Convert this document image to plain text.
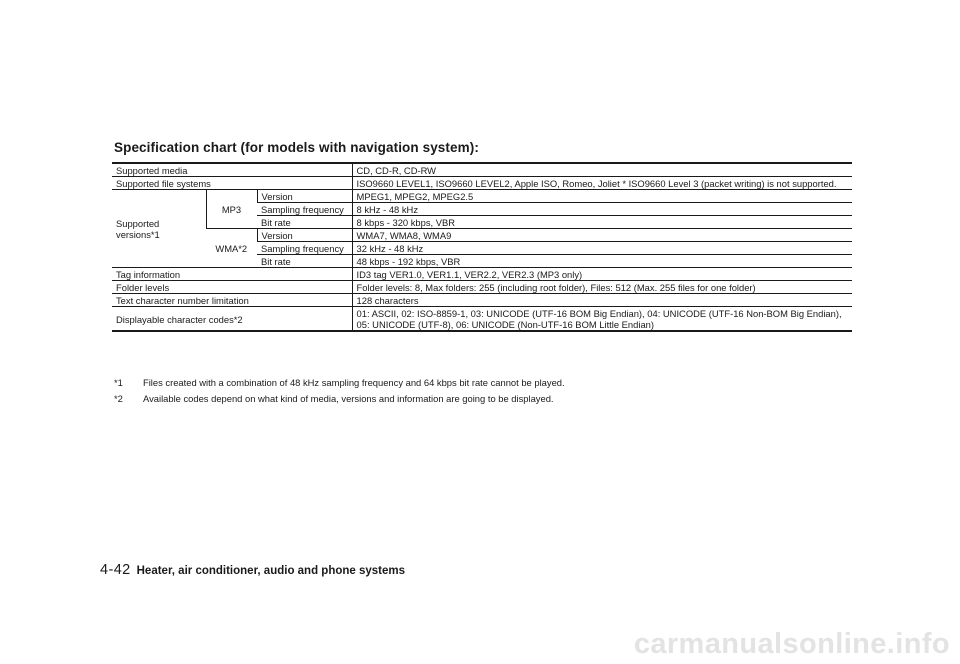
Specification chart (for models with navigation system):
Supported media			CD, CD-R, CD-RW
Supported file systems			ISO9660 LEVEL1, ISO9660 LEVEL2, Apple ISO, Romeo, Joliet * ISO9660 Level 3 (packet writing) is not supported.
Supported versions*1	MP3	Version	MPEG1, MPEG2, MPEG2.5
		Sampling frequency	8 kHz - 48 kHz
		Bit rate	8 kbps - 320 kbps, VBR
	WMA*2	Version	WMA7, WMA8, WMA9
		Sampling frequency	32 kHz - 48 kHz
		Bit rate	48 kbps - 192 kbps, VBR
Tag information			ID3 tag VER1.0, VER1.1, VER2.2, VER2.3 (MP3 only)
Folder levels			Folder levels: 8, Max folders: 255 (including root folder), Files: 512 (Max. 255 files for one folder)
Text character number limitation			128 characters
Displayable character codes*2			01: ASCII, 02: ISO-8859-1, 03: UNICODE (UTF-16 BOM Big Endian), 04: UNICODE (UTF-16 Non-BOM Big Endian), 05: UNICODE (UTF-8), 06: UNICODE (Non-UTF-16 BOM Little Endian)
*1 Files created with a combination of 48 kHz sampling frequency and 64 kbps bit rate cannot be played.
*2 Available codes depend on what kind of media, versions and information are going to be displayed.
4-42 Heater, air conditioner, audio and phone systems
carmanualsonline.info
